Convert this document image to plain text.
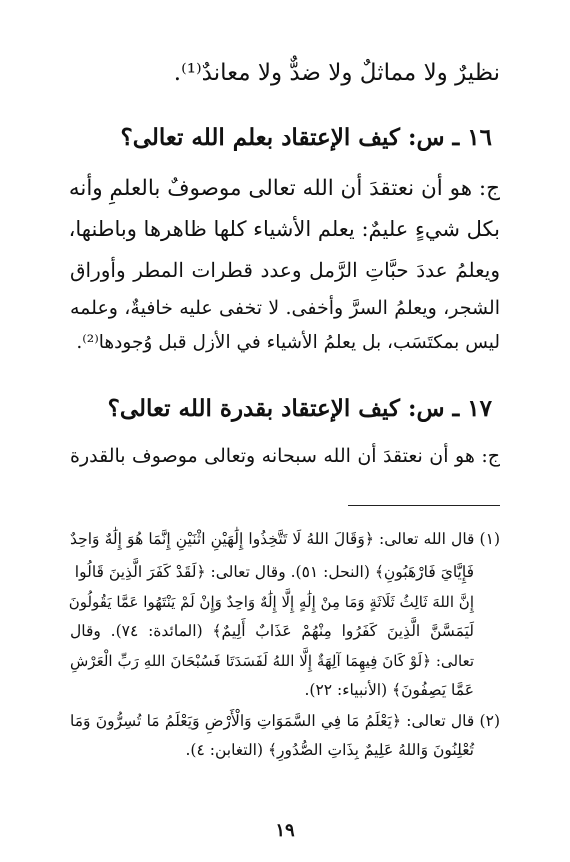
نظيرٌ ولا مماثلٌ ولا ضدٌّ ولا معاندٌ⁽¹⁾.
١٦ ـ س: كيف الإعتقاد بعلم الله تعالى؟
ج: هو أن نعتقدَ أن الله تعالى موصوفٌ بالعلمِ وأنه
بكل شيءٍ عليمٌ: يعلم الأشياء كلها ظاهرها وباطنها،
ويعلمُ عددَ حبَّاتِ الرَّمل وعدد قطرات المطر وأوراق
الشجر، ويعلمُ السرَّ وأخفى. لا تخفى عليه خافيةٌ، وعلمه
ليس بمكتَسَب، بل يعلمُ الأشياء في الأزل قبل وُجودها⁽²⁾.
١٧ ـ س: كيف الإعتقاد بقدرة الله تعالى؟
ج: هو أن نعتقدَ أن الله سبحانه وتعالى موصوف بالقدرة
(١) قال الله تعالى: ﴿وَقَالَ اللهُ لَا تَتَّخِذُوا إِلَٰهَيْنِ اثْنَيْنِ إِنَّمَا هُوَ إِلَٰهٌ وَاحِدٌ
فَإِيَّايَ فَارْهَبُونِ﴾ (النحل: ٥١). وقال تعالى: ﴿لَقَدْ كَفَرَ الَّذِينَ قَالُوا
إِنَّ اللهَ ثَالِثُ ثَلَاثَةٍ وَمَا مِنْ إِلَٰهٍ إِلَّا إِلَٰهٌ وَاحِدٌ وَإِنْ لَمْ يَنْتَهُوا عَمَّا يَقُولُونَ
لَيَمَسَّنَّ الَّذِينَ كَفَرُوا مِنْهُمْ عَذَابٌ أَلِيمٌ﴾ (المائدة: ٧٤). وقال
تعالى: ﴿لَوْ كَانَ فِيهِمَا آلِهَةٌ إِلَّا اللهُ لَفَسَدَتَا فَسُبْحَانَ اللهِ رَبِّ الْعَرْشِ
عَمَّا يَصِفُونَ﴾ (الأنبياء: ٢٢).
(٢) قال تعالى: ﴿يَعْلَمُ مَا فِي السَّمَوَاتِ وَالْأَرْضِ وَيَعْلَمُ مَا تُسِرُّونَ وَمَا
تُعْلِنُونَ وَاللهُ عَلِيمٌ بِذَاتِ الصُّدُورِ﴾ (التغابن: ٤).
١٩
